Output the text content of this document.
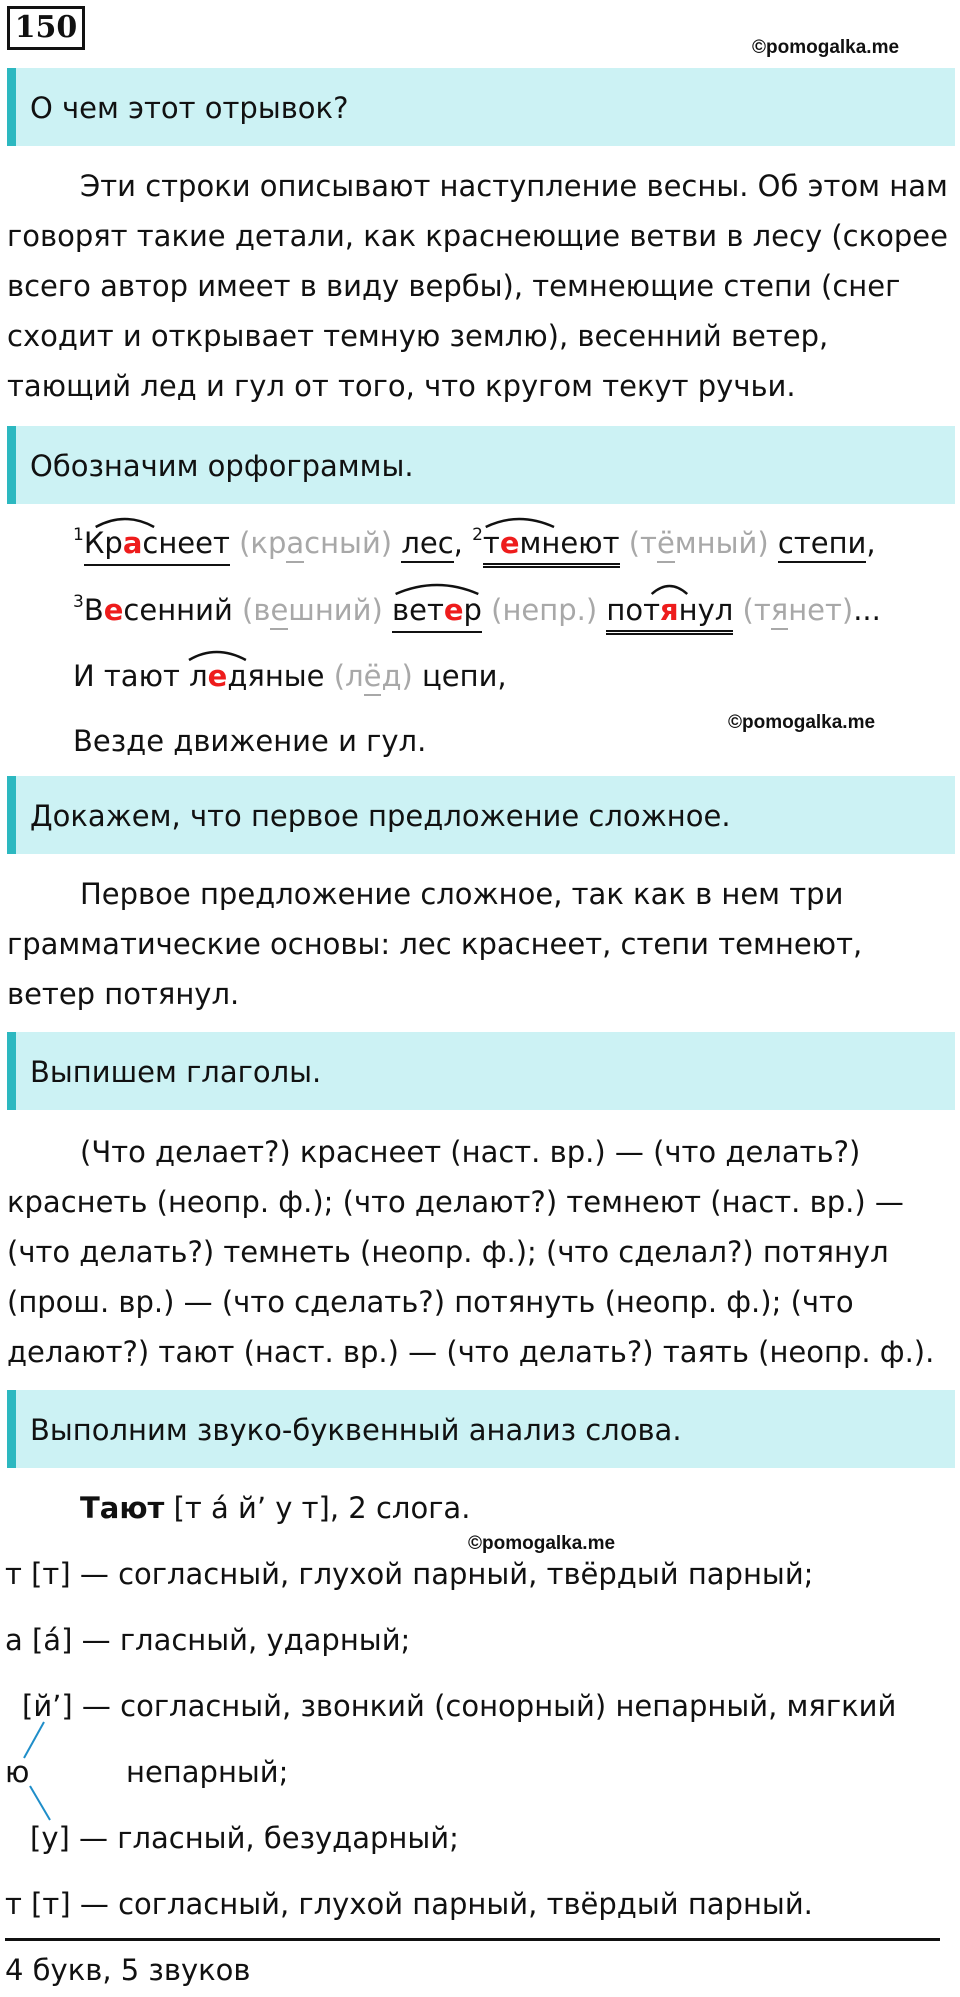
150
©pomogalka.me
О чем этот отрывок?
Эти строки описывают наступление весны. Об этом нам говорят такие детали, как краснеющие ветви в лесу (скорее всего автор имеет в виду вербы), темнеющие степи (снег сходит и открывает темную землю), весенний ветер, тающий лед и гул от того, что кругом текут ручьи.
Обозначим орфограммы.
$^1$
Краснеет (красный) лес, $^2$
темнеют (тёмный) степи,
$^3$Весенний (вешний) ветер (непр.) потянул (тянет)...
И тают
ледяные (лёд) цепи,
©pomogalka.me
Везде движение и гул.
Докажем, что первое предложение сложное.
Первое предложение сложное, так как в нем три грамматические основы: лес краснеет, степи темнеют, ветер потянул.
Выпишем глаголы.
(Что делает?) краснеет (наст. вр.) — (что делать?) краснеть (неопр. ф.); (что делают?) темнеют (наст. вр.) — (что делать?) темнеть (неопр. ф.); (что сделал?) потянул (прош. вр.) — (что сделать?) потянуть (неопр. ф.); (что делают?) тают (наст. вр.) — (что делать?) таять (неопр. ф.).
Выполним звуко-буквенный анализ слова.
Тают [т а́ й’ у т], 2 слога.
©pomogalka.me
т [т] — согласный, глухой парный, твёрдый парный;
а [а́] — гласный, ударный;
[й’] — согласный, звонкий (сонорный) непарный, мягкий
ю	непарный;
[у] — гласный, безударный;
т [т] — согласный, глухой парный, твёрдый парный.
4 букв, 5 звуков
